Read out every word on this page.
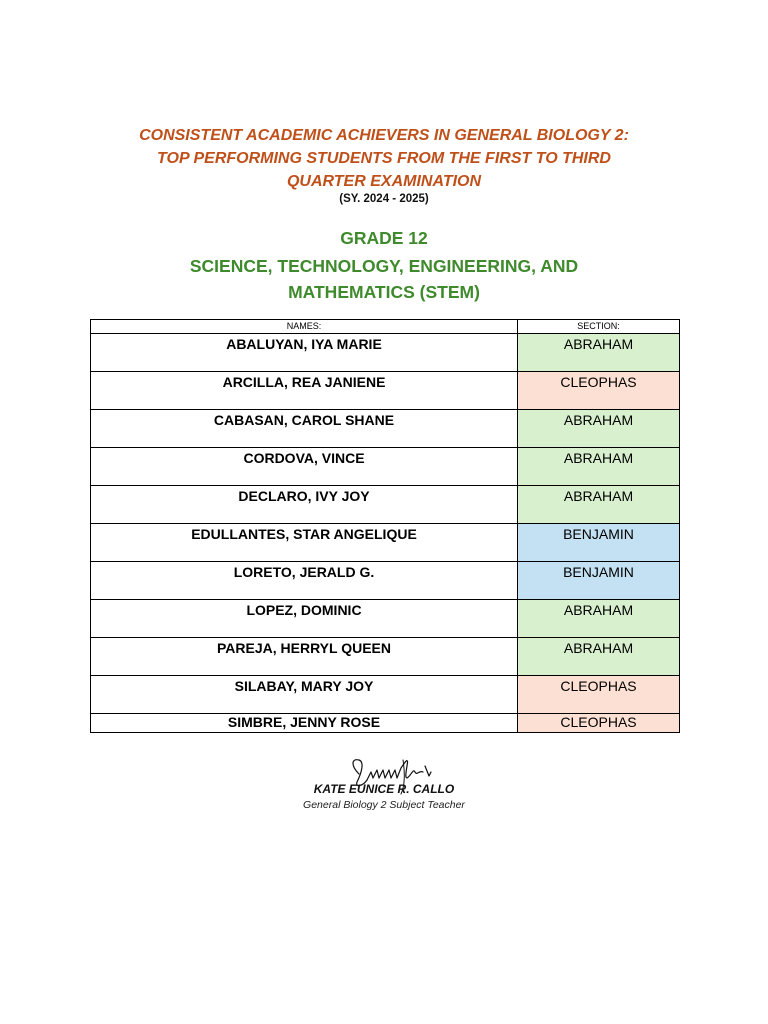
CONSISTENT ACADEMIC ACHIEVERS IN GENERAL BIOLOGY 2:
TOP PERFORMING STUDENTS FROM THE FIRST TO THIRD
QUARTER EXAMINATION
(SY. 2024 - 2025)
GRADE 12
SCIENCE, TECHNOLOGY, ENGINEERING, AND
MATHEMATICS (STEM)
NAMES:	SECTION:
ABALUYAN, IYA MARIE	ABRAHAM
ARCILLA, REA JANIENE	CLEOPHAS
CABASAN, CAROL SHANE	ABRAHAM
CORDOVA, VINCE	ABRAHAM
DECLARO, IVY JOY	ABRAHAM
EDULLANTES, STAR ANGELIQUE	BENJAMIN
LORETO, JERALD G.	BENJAMIN
LOPEZ, DOMINIC	ABRAHAM
PAREJA, HERRYL QUEEN	ABRAHAM
SILABAY, MARY JOY	CLEOPHAS
SIMBRE, JENNY ROSE	CLEOPHAS
KATE EUNICE R. CALLO
General Biology 2 Subject Teacher
